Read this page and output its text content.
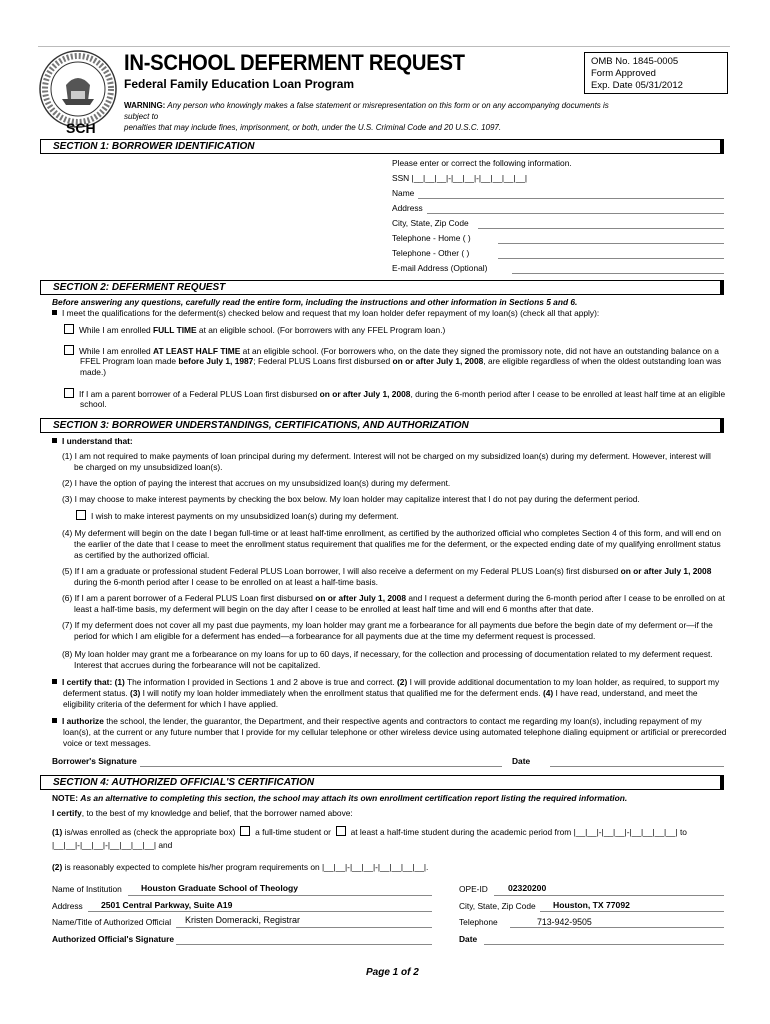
IN-SCHOOL DEFERMENT REQUEST
Federal Family Education Loan Program
OMB No. 1845-0005
Form Approved
Exp. Date 05/31/2012
WARNING: Any person who knowingly makes a false statement or misrepresentation on this form or on any accompanying documents is subject to
penalties that may include fines, imprisonment, or both, under the U.S. Criminal Code and 20 U.S.C. 1097.
SCH
SECTION 1: BORROWER IDENTIFICATION
Please enter or correct the following information.
SSN |__|__|__|-|__|__|-|__|__|__|__|
Name
Address
City, State, Zip Code
Telephone - Home ( )
Telephone - Other ( )
E-mail Address (Optional)
SECTION 2: DEFERMENT REQUEST
Before answering any questions, carefully read the entire form, including the instructions and other information in Sections 5 and 6.
I meet the qualifications for the deferment(s) checked below and request that my loan holder defer repayment of my loan(s) (check all that apply):
While I am enrolled FULL TIME at an eligible school. (For borrowers with any FFEL Program loan.)
While I am enrolled AT LEAST HALF TIME at an eligible school. (For borrowers who, on the date they signed the promissory note, did not have an outstanding balance on a
FFEL Program loan made before July 1, 1987; Federal PLUS Loans first disbursed on or after July 1, 2008, are eligible regardless of when the oldest outstanding loan was
made.)
If I am a parent borrower of a Federal PLUS Loan first disbursed on or after July 1, 2008, during the 6-month period after I cease to be enrolled at least half time at an eligible
school.
SECTION 3: BORROWER UNDERSTANDINGS, CERTIFICATIONS, AND AUTHORIZATION
I understand that:
(1) I am not required to make payments of loan principal during my deferment. Interest will not be charged on my subsidized loan(s) during my deferment. However, interest will
be charged on my unsubsidized loan(s).
(2) I have the option of paying the interest that accrues on my unsubsidized loan(s) during my deferment.
(3) I may choose to make interest payments by checking the box below. My loan holder may capitalize interest that I do not pay during the deferment period.
I wish to make interest payments on my unsubsidized loan(s) during my deferment.
(4) My deferment will begin on the date I began full-time or at least half-time enrollment, as certified by the authorized official who completes Section 4 of this form, and will end on
the earlier of the date that I cease to meet the enrollment status requirement that qualifies me for the deferment, or the expected ending date of my qualifying enrollment status
as certified by the authorized official.
(5) If I am a graduate or professional student Federal PLUS Loan borrower, I will also receive a deferment on my Federal PLUS Loan(s) first disbursed on or after July 1, 2008
during the 6-month period after I cease to be enrolled on at least a half-time basis.
(6) If I am a parent borrower of a Federal PLUS Loan first disbursed on or after July 1, 2008 and I request a deferment during the 6-month period after I cease to be enrolled on at
least a half-time basis, my deferment will begin on the day after I cease to be enrolled at least half time and will end 6 months after that date.
(7) If my deferment does not cover all my past due payments, my loan holder may grant me a forbearance for all payments due before the begin date of my deferment or—if the
period for which I am eligible for a deferment has ended—a forbearance for all payments due at the time my deferment request is processed.
(8) My loan holder may grant me a forbearance on my loans for up to 60 days, if necessary, for the collection and processing of documentation related to my deferment request.
Interest that accrues during the forbearance will not be capitalized.
I certify that: (1) The information I provided in Sections 1 and 2 above is true and correct. (2) I will provide additional documentation to my loan holder, as required, to support my
deferment status. (3) I will notify my loan holder immediately when the enrollment status that qualified me for the deferment ends. (4) I have read, understand, and meet the
eligibility criteria of the deferment for which I have applied.
I authorize the school, the lender, the guarantor, the Department, and their respective agents and contractors to contact me regarding my loan(s), including repayment of my
loan(s), at the current or any future number that I provide for my cellular telephone or other wireless device using automated telephone dialing equipment or artificial or prerecorded
voice or text messages.
Borrower's Signature	Date
SECTION 4: AUTHORIZED OFFICIAL'S CERTIFICATION
NOTE: As an alternative to completing this section, the school may attach its own enrollment certification report listing the required information.
I certify, to the best of my knowledge and belief, that the borrower named above:
(1) is/was enrolled as (check the appropriate box) a full-time student or at least a half-time student during the academic period from |__|__|-|__|__|-|__|__|__|__| to
|__|__|-|__|__|-|__|__|__|__| and
(2) is reasonably expected to complete his/her program requirements on |__|__|-|__|__|-|__|__|__|__|.
Name of Institution Houston Graduate School of Theology
Address 2501 Central Parkway, Suite A19
Name/Title of Authorized Official Kristen Domeracki, Registrar
Authorized Official's Signature
OPE-ID 02320200
City, State, Zip Code Houston, TX 77092
Telephone	713-942-9505
Date
Page 1 of 2
